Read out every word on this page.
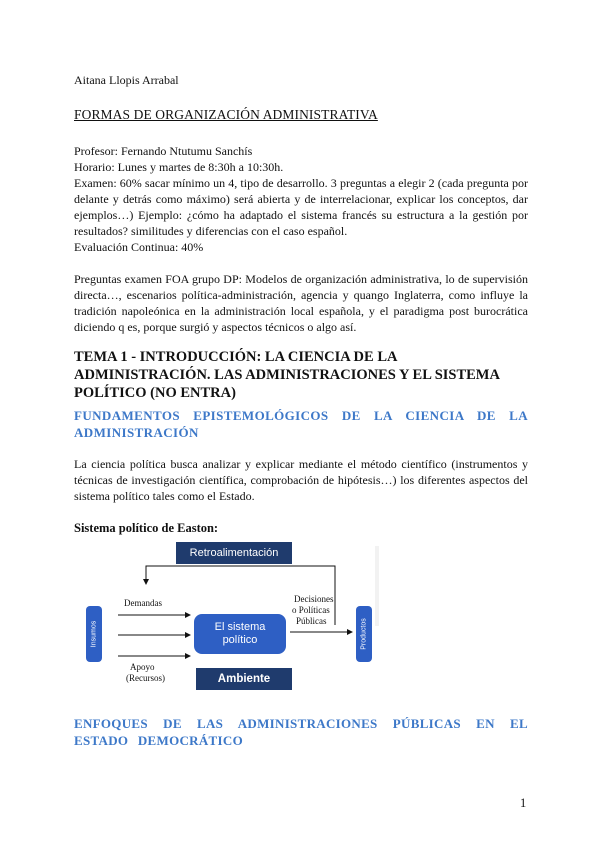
Aitana Llopis Arrabal
FORMAS DE ORGANIZACIÓN ADMINISTRATIVA
Profesor: Fernando Ntutumu Sanchís
Horario: Lunes y martes de 8:30h a 10:30h.
Examen: 60% sacar mínimo un 4, tipo de desarrollo. 3 preguntas a elegir 2 (cada pregunta por delante y detrás como máximo) será abierta y de interrelacionar, explicar los conceptos, dar ejemplos…) Ejemplo: ¿cómo ha adaptado el sistema francés su estructura a la gestión por resultados? similitudes y diferencias con el caso español.
Evaluación Continua: 40%
Preguntas examen FOA grupo DP: Modelos de organización administrativa, lo de supervisión directa…, escenarios política-administración, agencia y quango Inglaterra, como influye la tradición napoleónica en la administración local española, y el paradigma post burocrática diciendo q es, porque surgió y aspectos técnicos o algo así.
TEMA 1 - INTRODUCCIÓN: LA CIENCIA DE LA ADMINISTRACIÓN. LAS ADMINISTRACIONES Y EL SISTEMA POLÍTICO (NO ENTRA)
FUNDAMENTOS EPISTEMOLÓGICOS DE LA CIENCIA DE LA ADMINISTRACIÓN
La ciencia política busca analizar y explicar mediante el método científico (instrumentos y técnicas de investigación científica, comprobación de hipótesis…) los diferentes aspectos del sistema político tales como el Estado.
Sistema político de Easton:
Retroalimentación
Insumos
Demandas
Apoyo
(Recursos)
El sistema
político
Decisiones
o Políticas
Públicas	Productos
Ambiente
ENFOQUES DE LAS ADMINISTRACIONES PÚBLICAS EN EL ESTADO DEMOCRÁTICO
1
